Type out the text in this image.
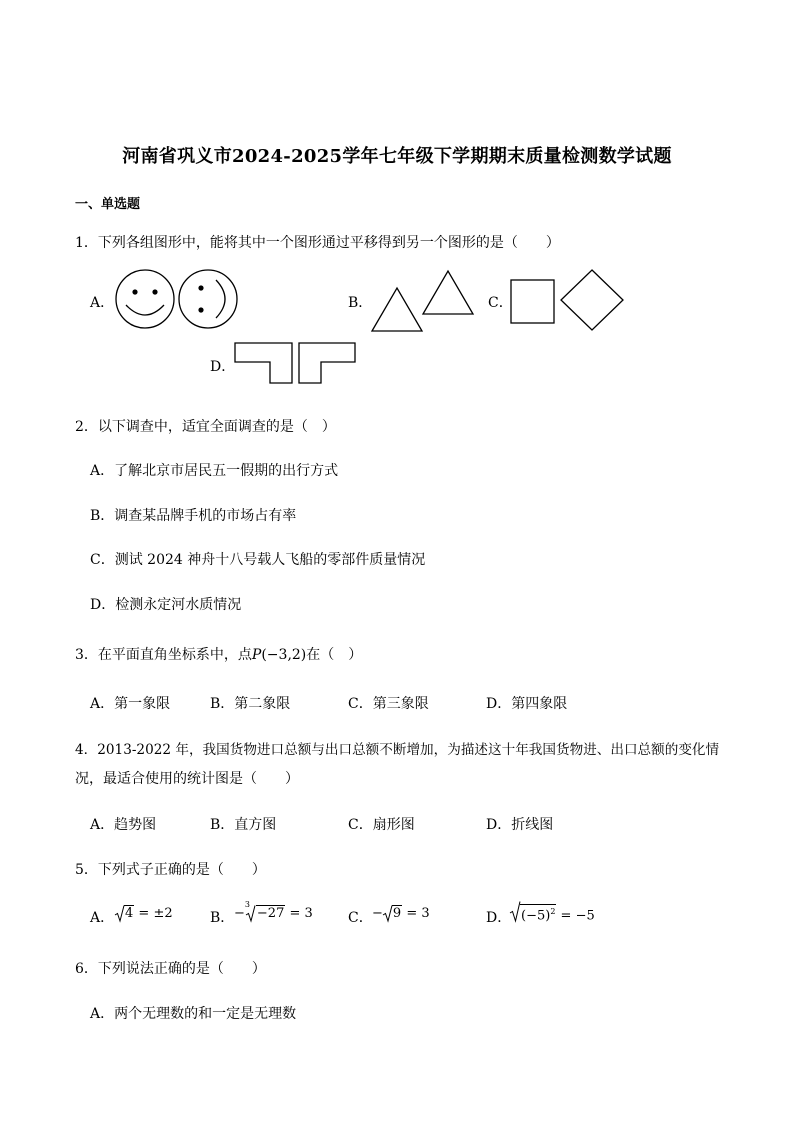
河南省巩义市2024-2025学年七年级下学期期末质量检测数学试题
一、单选题
1．下列各组图形中，能将其中一个图形通过平移得到另一个图形的是（　　）
A．	B．	C．
D．
2．以下调查中，适宜全面调查的是（　）
A．了解北京市居民五一假期的出行方式
B．调查某品牌手机的市场占有率
C．测试 2024 神舟十八号载人飞船的零部件质量情况
D．检测永定河水质情况
3．在平面直角坐标系中，点P(−3,2)在（　）
A．第一象限	B．第二象限	C．第三象限	D．第四象限
4．2013-2022 年，我国货物进口总额与出口总额不断增加，为描述这十年我国货物进、出口总额的变化情
况，最适合使用的统计图是（　　）
A．趋势图	B．直方图	C．扇形图	D．折线图
5．下列式子正确的是（　　）
A． 4 = ±2	B． −
3
−27 = 3	C． − 9 = 3	D． $(-5)^2 = -5$
6．下列说法正确的是（　　）
A．两个无理数的和一定是无理数
